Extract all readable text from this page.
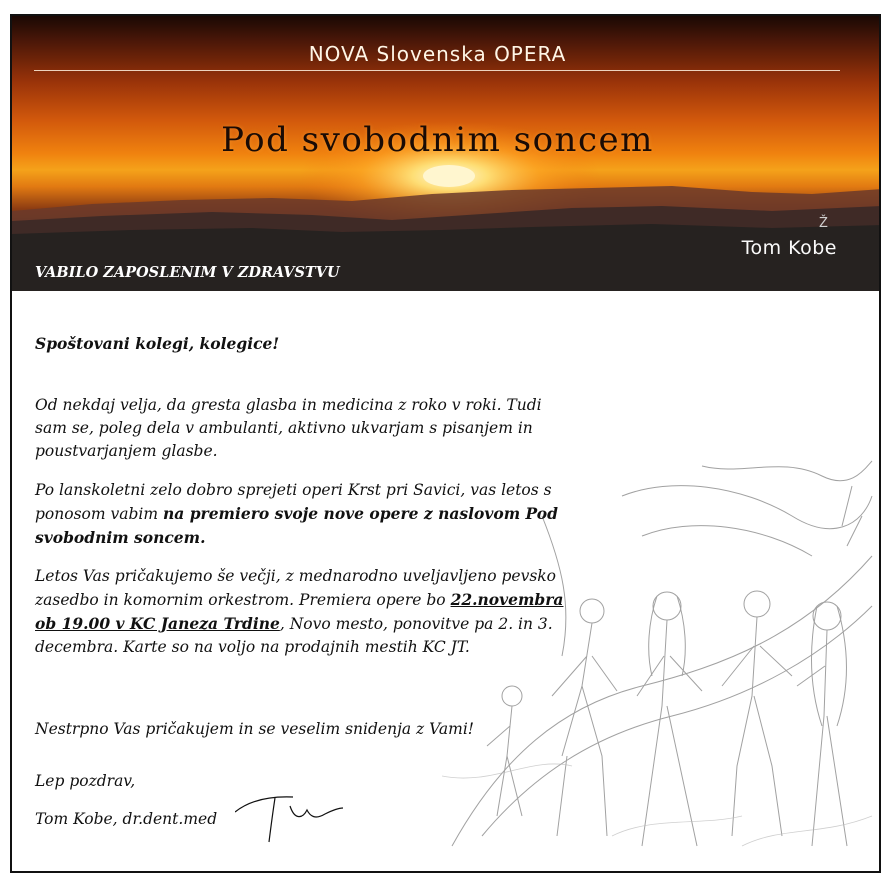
NOVA Slovenska OPERA
Pod svobodnim soncem
Ž
Tom Kobe
VABILO ZAPOSLENIM V ZDRAVSTVU

Spoštovani kolegi, kolegice!

Od nekdaj velja, da gresta glasba in medicina z roko v roki. Tudi sam se, poleg dela v ambulanti, aktivno ukvarjam s pisanjem in poustvarjanjem glasbe.

Po lanskoletni zelo dobro sprejeti operi Krst pri Savici, vas letos s ponosom vabim na premiero svoje nove opere z naslovom Pod svobodnim soncem.

Letos Vas pričakujemo še večji, z mednarodno uveljavljeno pevsko zasedbo in komornim orkestrom. Premiera opere bo 22.novembra ob 19.00 v KC Janeza Trdine, Novo mesto, ponovitve pa 2. in 3. decembra. Karte so na voljo na prodajnih mestih KC JT.

Nestrpno Vas pričakujem in se veselim snidenja z Vami!

Lep pozdrav,

Tom Kobe, dr.dent.med
